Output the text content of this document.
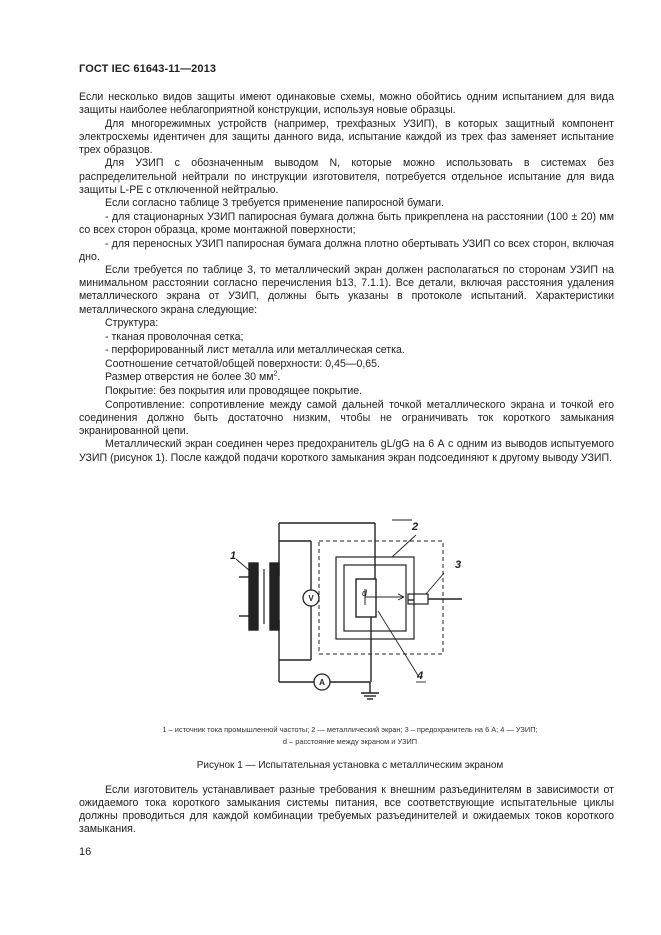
ГОСТ IEC 61643-11—2013

Если несколько видов защиты имеют одинаковые схемы, можно обойтись одним испытанием для вида защиты наиболее неблагоприятной конструкции, используя новые образцы.

Для многорежимных устройств (например, трехфазных УЗИП), в которых защитный компонент электросхемы идентичен для защиты данного вида, испытание каждой из трех фаз заменяет испытание трех образцов.

Для УЗИП с обозначенным выводом N, которые можно использовать в системах без распределительной нейтрали по инструкции изготовителя, потребуется отдельное испытание для вида защиты L-PE с отключенной нейтралью.

Если согласно таблице 3 требуется применение папиросной бумаги.

- для стационарных УЗИП папиросная бумага должна быть прикреплена на расстоянии (100 ± 20) мм со всех сторон образца, кроме монтажной поверхности;

- для переносных УЗИП папиросная бумага должна плотно обертывать УЗИП со всех сторон, включая дно.

Если требуется по таблице 3, то металлический экран должен располагаться по сторонам УЗИП на минимальном расстоянии согласно перечисления b13, 7.1.1). Все детали, включая расстояния удаления металлического экрана от УЗИП, должны быть указаны в протоколе испытаний. Характеристики металлического экрана следующие:

Структура:

- тканая проволочная сетка;

- перфорированный лист металла или металлическая сетка.

Соотношение сетчатой/общей поверхности: 0,45—0,65.

Размер отверстия не более 30 $мм^2$.

Покрытие: без покрытия или проводящее покрытие.

Сопротивление: сопротивление между самой дальней точкой металлического экрана и точкой его соединения должно быть достаточно низким, чтобы не ограничивать ток короткого замыкания экранированной цепи.

Металлический экран соединен через предохранитель gL/gG на 6 А с одним из выводов испытуемого УЗИП (рисунок 1). После каждой подачи короткого замыкания экран подсоединяют к другому выводу УЗИП.

V
A
1
2
3
4
d
1 – источник тока промышленной частоты; 2 — металлический экран; 3 – предохранитель на 6 А; 4 — УЗИП;
d – расстояние между экраном и УЗИП
Рисунок 1 — Испытательная установка с металлическим экраном

Если изготовитель устанавливает разные требования к внешним разъединителям в зависимости от ожидаемого тока короткого замыкания системы питания, все соответствующие испытательные циклы должны проводиться для каждой комбинации требуемых разъединителей и ожидаемых токов короткого замыкания.

16
